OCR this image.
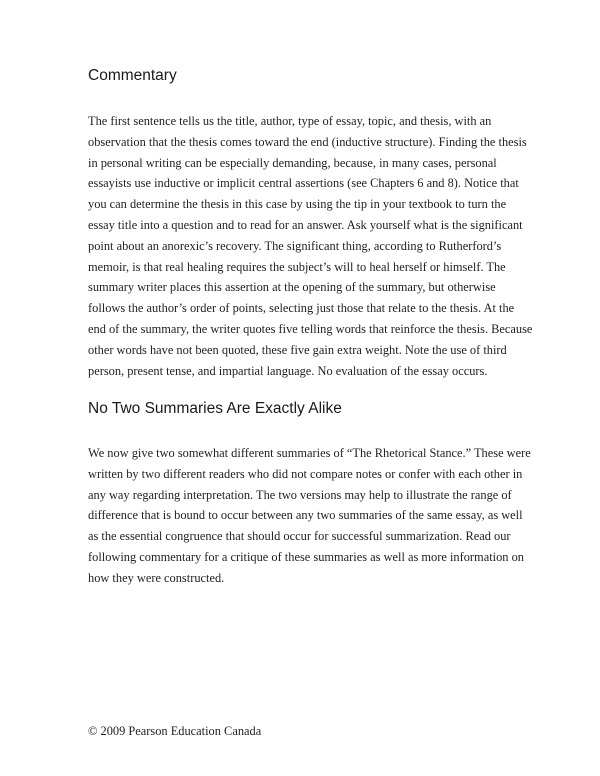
Commentary

The first sentence tells us the title, author, type of essay, topic, and thesis, with an
observation that the thesis comes toward the end (inductive structure). Finding the thesis
in personal writing can be especially demanding, because, in many cases, personal
essayists use inductive or implicit central assertions (see Chapters 6 and 8). Notice that
you can determine the thesis in this case by using the tip in your textbook to turn the
essay title into a question and to read for an answer. Ask yourself what is the significant
point about an anorexic’s recovery. The significant thing, according to Rutherford’s
memoir, is that real healing requires the subject’s will to heal herself or himself. The
summary writer places this assertion at the opening of the summary, but otherwise
follows the author’s order of points, selecting just those that relate to the thesis. At the
end of the summary, the writer quotes five telling words that reinforce the thesis. Because
other words have not been quoted, these five gain extra weight. Note the use of third
person, present tense, and impartial language. No evaluation of the essay occurs.

No Two Summaries Are Exactly Alike

We now give two somewhat different summaries of “The Rhetorical Stance.” These were
written by two different readers who did not compare notes or confer with each other in
any way regarding interpretation. The two versions may help to illustrate the range of
difference that is bound to occur between any two summaries of the same essay, as well
as the essential congruence that should occur for successful summarization. Read our
following commentary for a critique of these summaries as well as more information on
how they were constructed.

© 2009 Pearson Education Canada
